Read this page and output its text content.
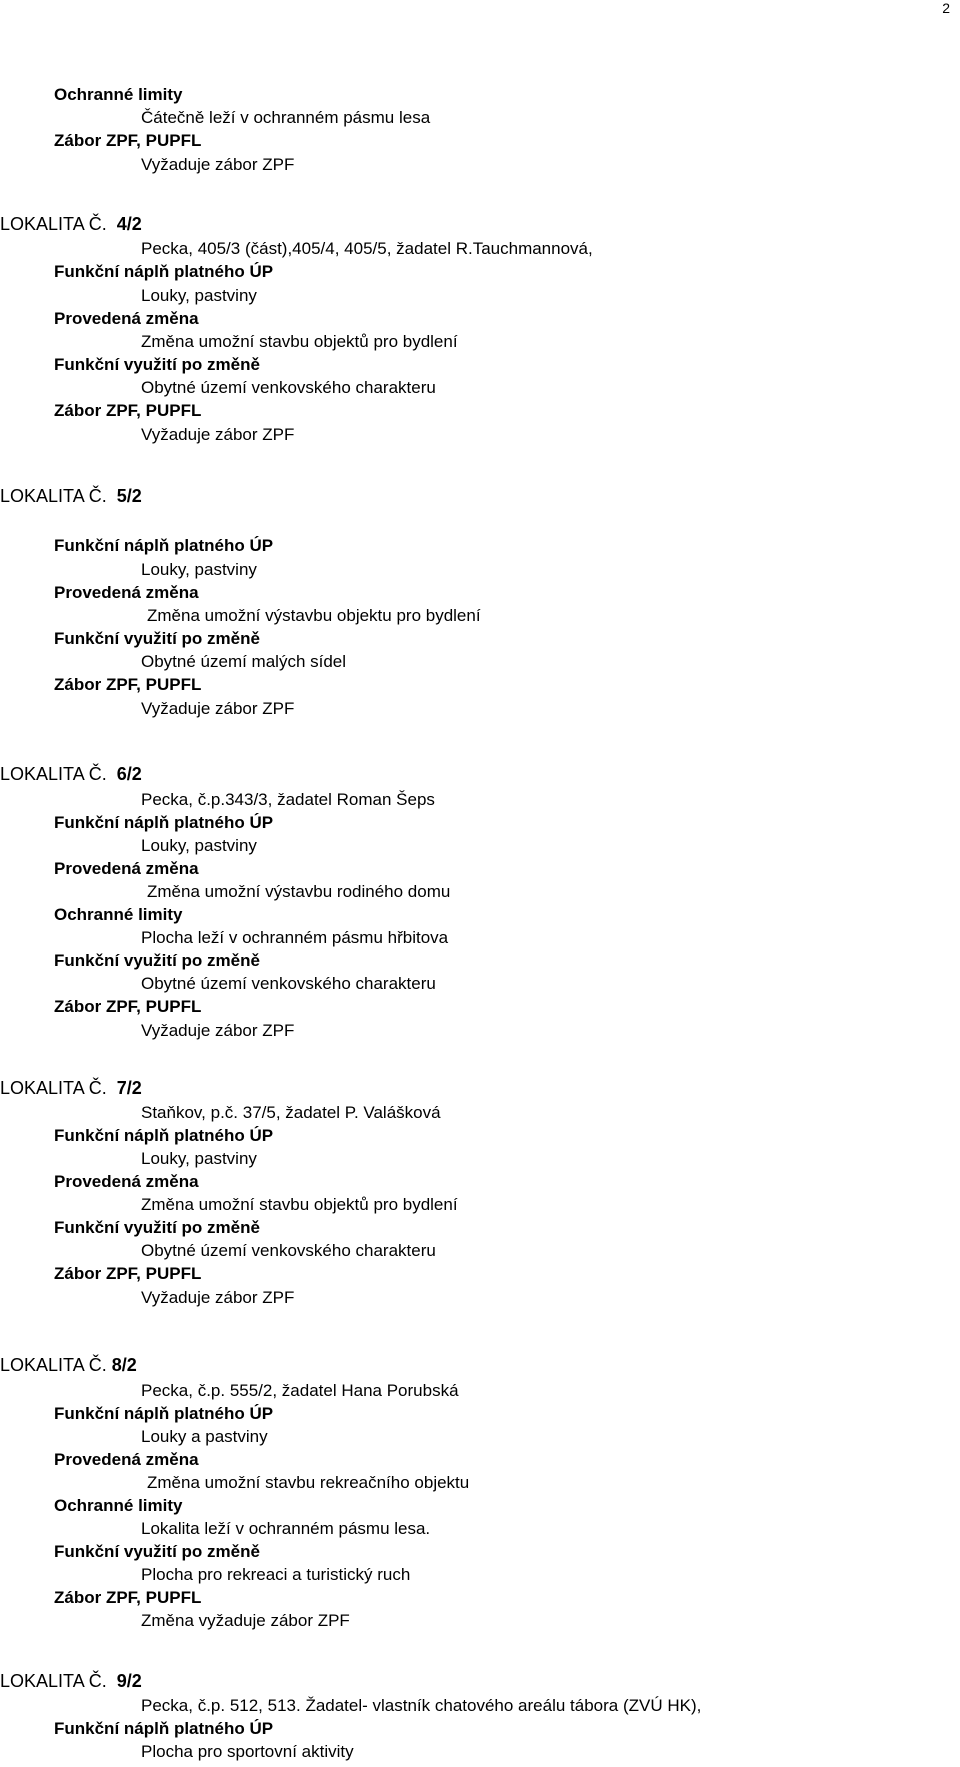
2
Ochranné limity
Čátečně leží v ochranném pásmu lesa
Zábor ZPF, PUPFL
Vyžaduje zábor ZPF
LOKALITA Č. 4/2
Pecka, 405/3 (část),405/4, 405/5, žadatel R.Tauchmannová,
Funkční náplň platného ÚP
Louky, pastviny
Provedená změna
Změna umožní stavbu objektů pro bydlení
Funkční využití po změně
Obytné území venkovského charakteru
Zábor ZPF, PUPFL
Vyžaduje zábor ZPF
LOKALITA Č. 5/2
Funkční náplň platného ÚP
Louky, pastviny
Provedená změna
Změna umožní výstavbu objektu pro bydlení
Funkční využití po změně
Obytné území malých sídel
Zábor ZPF, PUPFL
Vyžaduje zábor ZPF
LOKALITA Č. 6/2
Pecka, č.p.343/3, žadatel Roman Šeps
Funkční náplň platného ÚP
Louky, pastviny
Provedená změna
Změna umožní výstavbu rodiného domu
Ochranné limity
Plocha leží v ochranném pásmu hřbitova
Funkční využití po změně
Obytné území venkovského charakteru
Zábor ZPF, PUPFL
Vyžaduje zábor ZPF
LOKALITA Č. 7/2
Staňkov, p.č. 37/5, žadatel P. Valášková
Funkční náplň platného ÚP
Louky, pastviny
Provedená změna
Změna umožní stavbu objektů pro bydlení
Funkční využití po změně
Obytné území venkovského charakteru
Zábor ZPF, PUPFL
Vyžaduje zábor ZPF
LOKALITA Č. 8/2
Pecka, č.p. 555/2, žadatel Hana Porubská
Funkční náplň platného ÚP
Louky a pastviny
Provedená změna
Změna umožní stavbu rekreačního objektu
Ochranné limity
Lokalita leží v ochranném pásmu lesa.
Funkční využití po změně
Plocha pro rekreaci a turistický ruch
Zábor ZPF, PUPFL
Změna vyžaduje zábor ZPF
LOKALITA Č. 9/2
Pecka, č.p. 512, 513. Žadatel- vlastník chatového areálu tábora (ZVÚ HK),
Funkční náplň platného ÚP
Plocha pro sportovní aktivity
